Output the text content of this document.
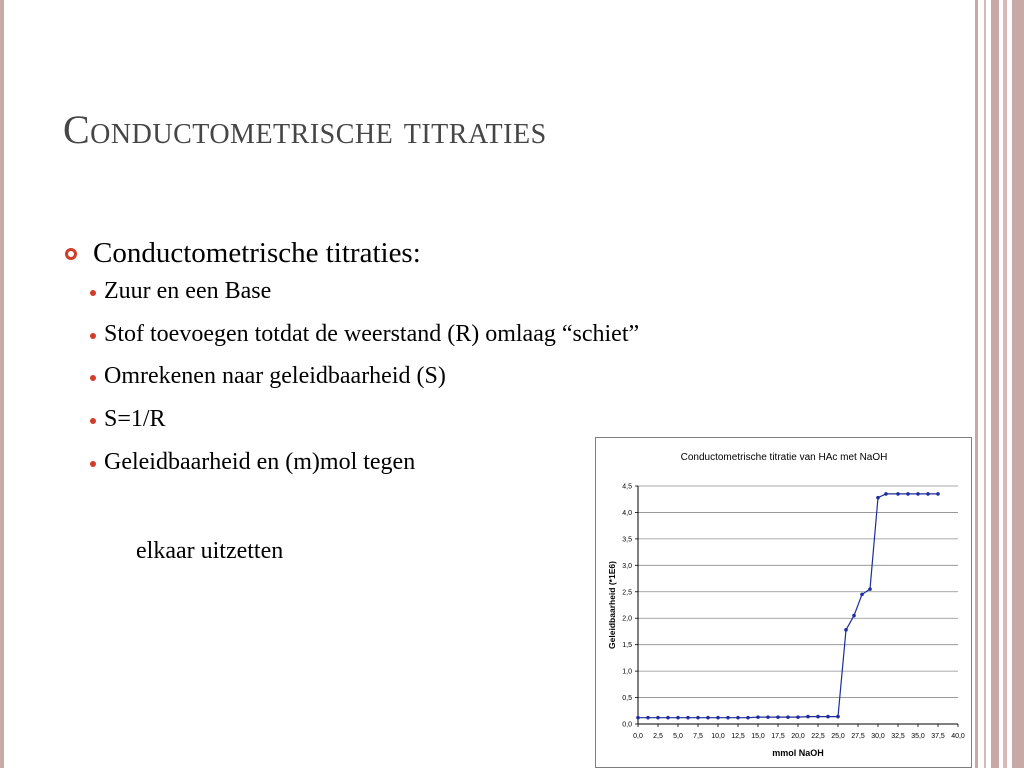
Conductometrische titraties
Conductometrische titraties:
Zuur en een Base
Stof toevoegen totdat de weerstand (R) omlaag “schiet”
Omrekenen naar geleidbaarheid (S)
S=1/R
Geleidbaarheid en (m)mol tegen
elkaar uitzetten
0,0
0,5
1,0
1,5
2,0
2,5
3,0
3,5
4,0
4,5
0,0 2,5 5,0 7,5 10,0 12,5 15,0 17,5 20,0 22,5 25,0 27,5 30,0 32,5 35,0 37,5 40,0
Conductometrische titratie van HAc met NaOH
mmol NaOH
Geleidbaarheid (*1E6)
